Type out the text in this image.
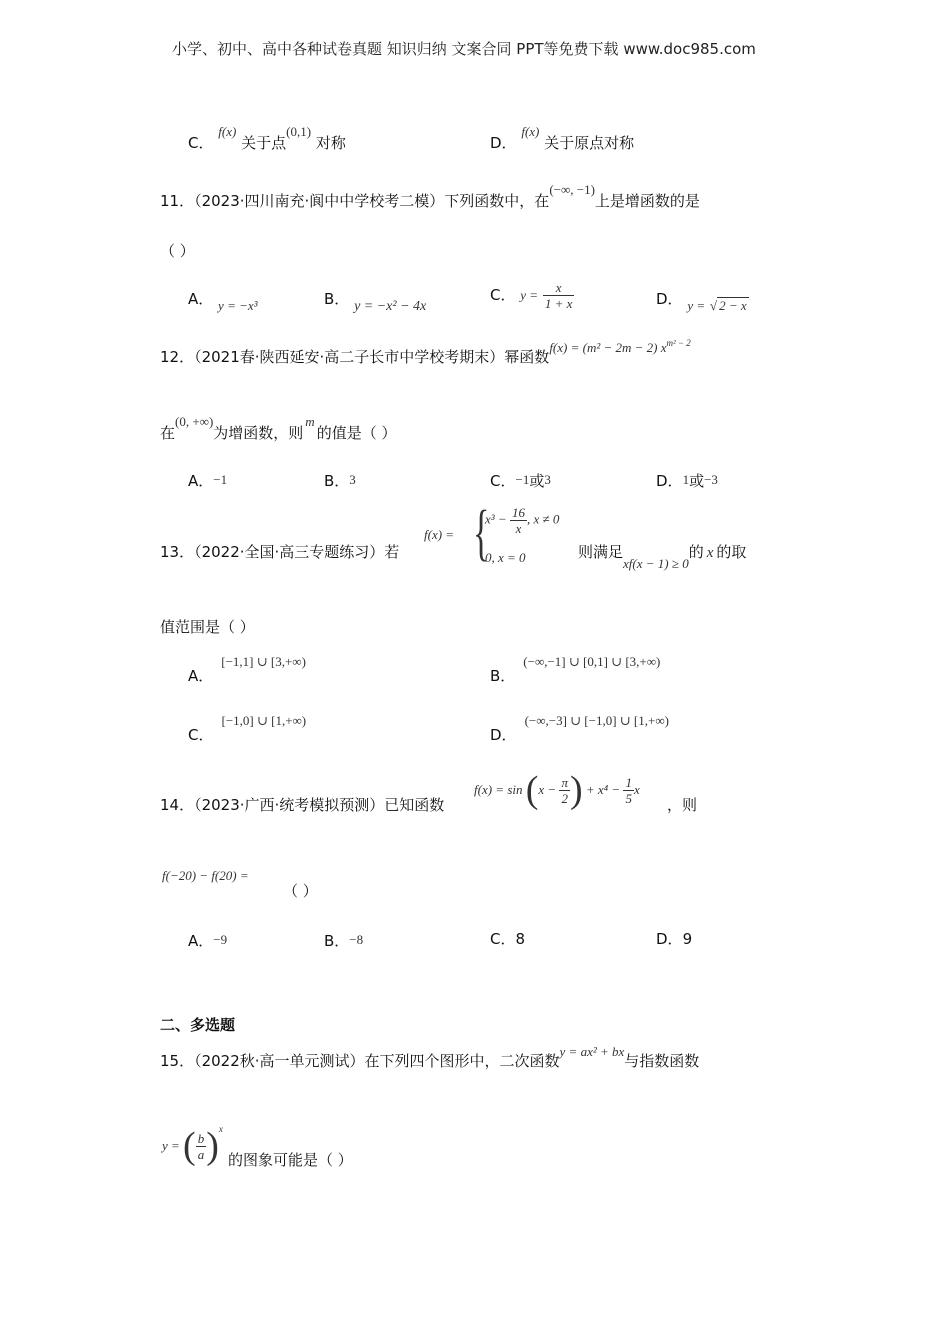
小学、初中、高中各种试卷真题 知识归纳 文案合同 PPT等免费下载 www.doc985.com
C． f(x) 关于点(0,1) 对称	D． f(x) 关于原点对称
11．（2023·四川南充·阆中中学校考二模）下列函数中，在(−∞, −1)上是增函数的是
（ ）
A． y = −x³	B． y = −x² − 4x
C． $y = \frac{x}{1 + x}$	D． y = √ 2 − x
12．（2021春·陕西延安·高二子长市中学校考期末）幂函数f(x) = (m² − 2m − 2) $x^{m^2 - 2}$
在(0, +∞)为增函数，则m的值是（ ）
A．−1	B．3	C．−1或3	D．1或−3
13．（2022·全国·高三专题练习）若
f(x) = {
$x^3 - \frac{16}{x}$ , x ≠ 0
0, x = 0	则满足xf(x − 1) ≥ 0的 x 的取
值范围是（ ）
A．[−1,1] ∪ [3,+∞)
B．(−∞,−1] ∪ [0,1] ∪ [3,+∞)
C．[−1,0] ∪ [1,+∞)
D．(−∞,−3] ∪ [−1,0] ∪ [1,+∞)
14．（2023·广西·统考模拟预测）已知函数
$f(x) = \sin (x - \frac{\pi}{2}$ ) + $x^4 - \frac{1}{5}$ x
，则
f(−20) − f(20) =
（ ）
A．−9	B．−8	C．8	D．9
二、多选题
15．（2022秋·高一单元测试）在下列四个图形中，二次函数y = ax² + bx与指数函数
y = ( $\frac{b}{a} )^x$
的图象可能是（ ）
